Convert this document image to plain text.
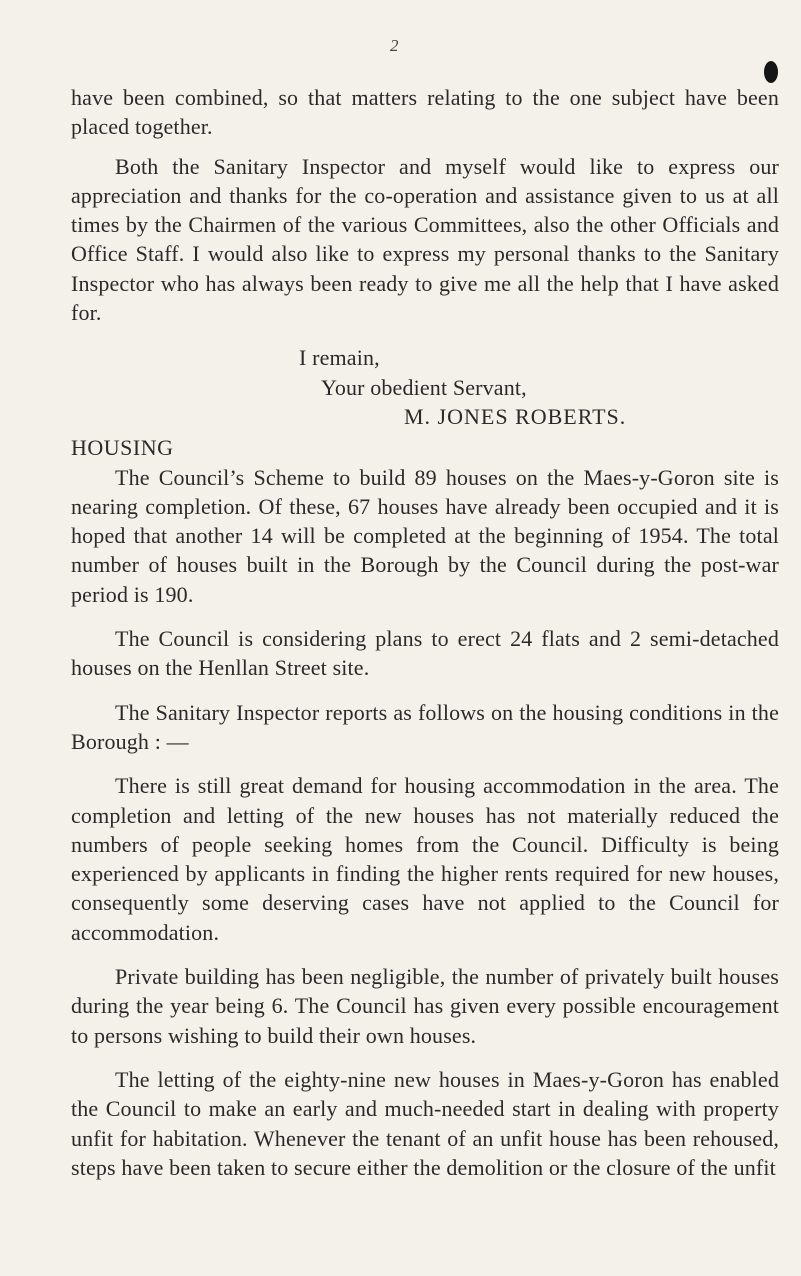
2

have been combined, so that matters relating to the one subject have been placed together.

Both the Sanitary Inspector and myself would like to express our appreciation and thanks for the co-operation and assistance given to us at all times by the Chairmen of the various Committees, also the other Officials and Office Staff. I would also like to express my personal thanks to the Sanitary Inspector who has always been ready to give me all the help that I have asked for.

I remain,
Your obedient Servant,
M. JONES ROBERTS.
HOUSING

The Council’s Scheme to build 89 houses on the Maes-y-Goron site is nearing completion. Of these, 67 houses have already been occupied and it is hoped that another 14 will be completed at the beginning of 1954. The total number of houses built in the Borough by the Council during the post-war period is 190.

The Council is considering plans to erect 24 flats and 2 semi-detached houses on the Henllan Street site.

The Sanitary Inspector reports as follows on the housing conditions in the Borough : —

There is still great demand for housing accommodation in the area. The completion and letting of the new houses has not materially reduced the numbers of people seeking homes from the Council. Difficulty is being experienced by applicants in finding the higher rents required for new houses, consequently some deserving cases have not applied to the Council for accommodation.

Private building has been negligible, the number of privately built houses during the year being 6. The Council has given every possible encouragement to persons wishing to build their own houses.

The letting of the eighty-nine new houses in Maes-y-Goron has enabled the Council to make an early and much-needed start in dealing with property unfit for habitation. Whenever the tenant of an unfit house has been rehoused, steps have been taken to secure either the demolition or the closure of the unfit
